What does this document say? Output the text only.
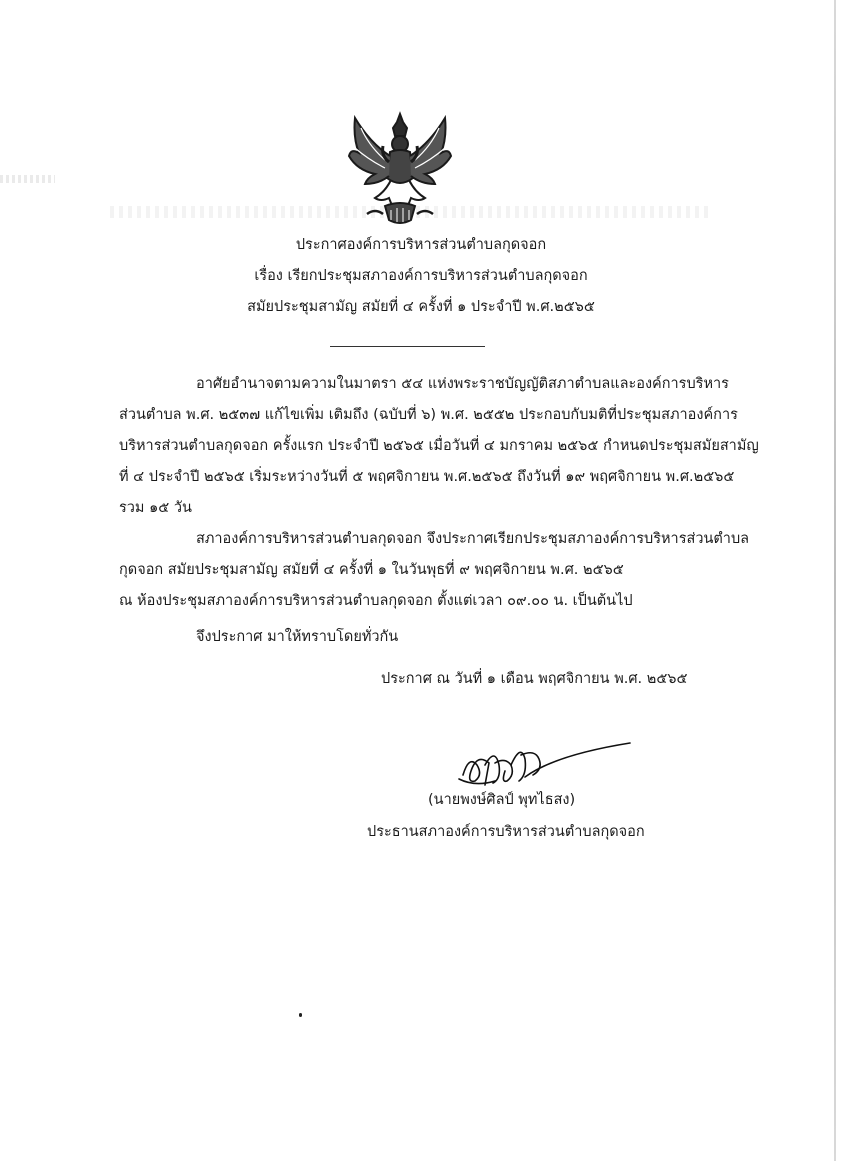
ประกาศองค์การบริหารส่วนตำบลกุดจอก
เรื่อง เรียกประชุมสภาองค์การบริหารส่วนตำบลกุดจอก
สมัยประชุมสามัญ สมัยที่ ๔ ครั้งที่ ๑ ประจำปี พ.ศ.๒๕๖๕
อาศัยอำนาจตามความในมาตรา ๕๔ แห่งพระราชบัญญัติสภาตำบลและองค์การบริหาร
ส่วนตำบล พ.ศ. ๒๕๓๗ แก้ไขเพิ่ม เติมถึง (ฉบับที่ ๖) พ.ศ. ๒๕๕๒ ประกอบกับมติที่ประชุมสภาองค์การ
บริหารส่วนตำบลกุดจอก ครั้งแรก ประจำปี ๒๕๖๕ เมื่อวันที่ ๔ มกราคม ๒๕๖๕ กำหนดประชุมสมัยสามัญ
ที่ ๔ ประจำปี ๒๕๖๕ เริ่มระหว่างวันที่ ๕ พฤศจิกายน พ.ศ.๒๕๖๕ ถึงวันที่ ๑๙ พฤศจิกายน พ.ศ.๒๕๖๕
รวม ๑๕ วัน
สภาองค์การบริหารส่วนตำบลกุดจอก จึงประกาศเรียกประชุมสภาองค์การบริหารส่วนตำบล
กุดจอก สมัยประชุมสามัญ สมัยที่ ๔ ครั้งที่ ๑ ในวันพุธที่ ๙ พฤศจิกายน พ.ศ. ๒๕๖๕
ณ ห้องประชุมสภาองค์การบริหารส่วนตำบลกุดจอก ตั้งแต่เวลา ๐๙.๐๐ น. เป็นต้นไป
จึงประกาศ มาให้ทราบโดยทั่วกัน
ประกาศ ณ วันที่ ๑ เดือน พฤศจิกายน พ.ศ. ๒๕๖๕
(นายพงษ์ศิลป์ พุทไธสง)
ประธานสภาองค์การบริหารส่วนตำบลกุดจอก
